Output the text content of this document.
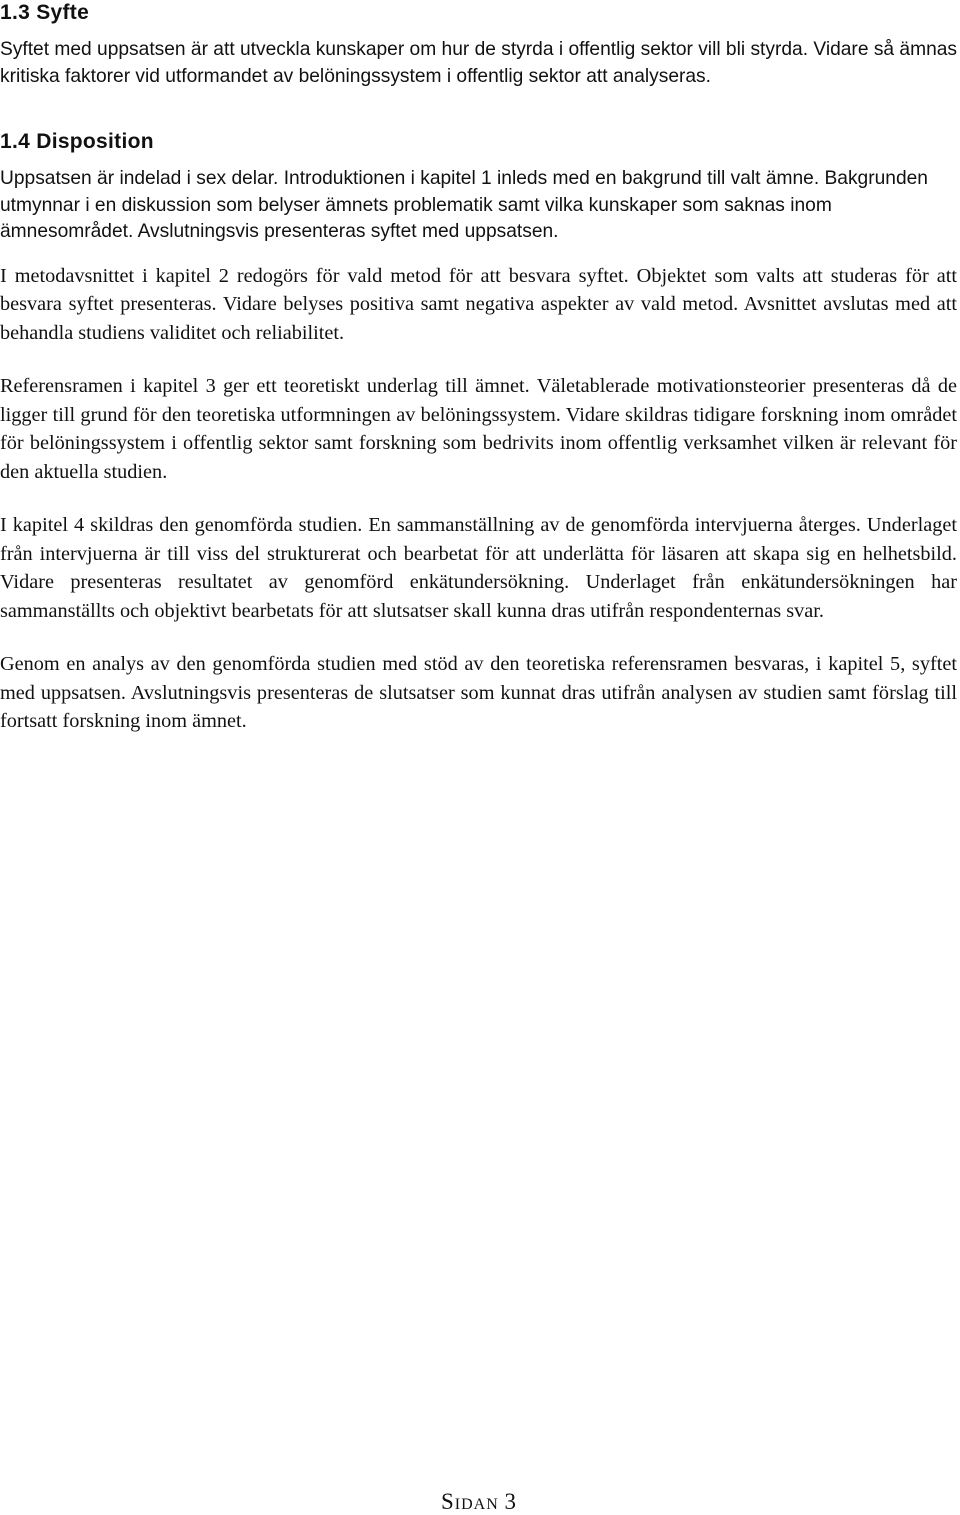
1.3 Syfte

Syftet med uppsatsen är att utveckla kunskaper om hur de styrda i offentlig sektor vill bli styrda. Vidare så ämnas kritiska faktorer vid utformandet av belöningssystem i offentlig sektor att analyseras.

1.4 Disposition

Uppsatsen är indelad i sex delar. Introduktionen i kapitel 1 inleds med en bakgrund till valt ämne. Bakgrunden utmynnar i en diskussion som belyser ämnets problematik samt vilka kunskaper som saknas inom ämnesområdet. Avslutningsvis presenteras syftet med uppsatsen.

I metodavsnittet i kapitel 2 redogörs för vald metod för att besvara syftet. Objektet som valts att studeras för att besvara syftet presenteras. Vidare belyses positiva samt negativa aspekter av vald metod. Avsnittet avslutas med att behandla studiens validitet och reliabilitet.

Referensramen i kapitel 3 ger ett teoretiskt underlag till ämnet. Väletablerade motivationsteorier presenteras då de ligger till grund för den teoretiska utformningen av belöningssystem. Vidare skildras tidigare forskning inom området för belöningssystem i offentlig sektor samt forskning som bedrivits inom offentlig verksamhet vilken är relevant för den aktuella studien.

I kapitel 4 skildras den genomförda studien. En sammanställning av de genomförda intervjuerna återges. Underlaget från intervjuerna är till viss del strukturerat och bearbetat för att underlätta för läsaren att skapa sig en helhetsbild. Vidare presenteras resultatet av genomförd enkätundersökning. Underlaget från enkätundersökningen har sammanställts och objektivt bearbetats för att slutsatser skall kunna dras utifrån respondenternas svar.

Genom en analys av den genomförda studien med stöd av den teoretiska referensramen besvaras, i kapitel 5, syftet med uppsatsen. Avslutningsvis presenteras de slutsatser som kunnat dras utifrån analysen av studien samt förslag till fortsatt forskning inom ämnet.

Sidan 3
